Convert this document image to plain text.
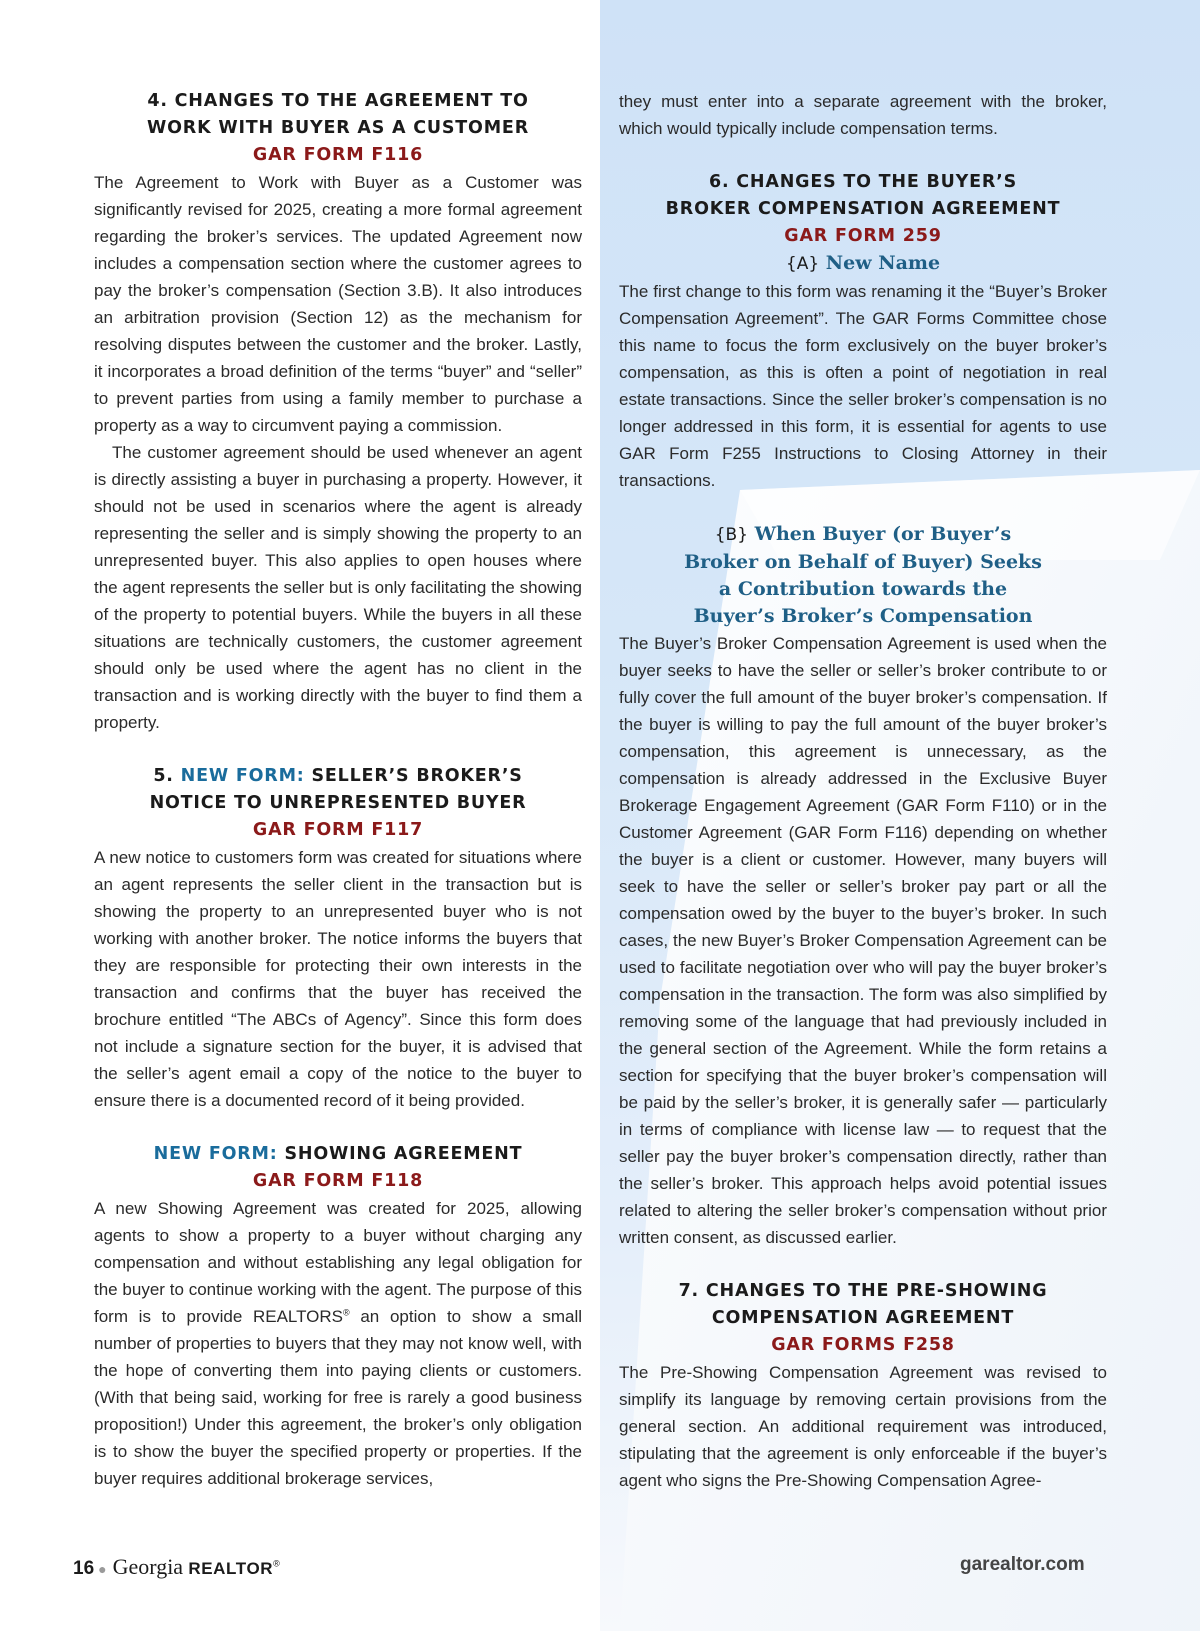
4. CHANGES TO THE AGREEMENT TO
WORK WITH BUYER AS A CUSTOMER
GAR FORM F116

The Agreement to Work with Buyer as a Customer was significantly revised for 2025, creating a more formal agreement regarding the broker’s services. The updated Agreement now includes a compensation section where the customer agrees to pay the broker’s compensation (Section 3.B). It also introduces an arbitration provision (Section 12) as the mechanism for resolving disputes between the customer and the broker. Lastly, it incorporates a broad definition of the terms “buyer” and “seller” to prevent parties from using a family member to purchase a property as a way to circumvent paying a commission.

The customer agreement should be used whenever an agent is directly assisting a buyer in purchasing a property. However, it should not be used in scenarios where the agent is already representing the seller and is simply showing the property to an unrepresented buyer. This also applies to open houses where the agent represents the seller but is only facilitating the showing of the property to potential buyers. While the buyers in all these situations are technically customers, the customer agreement should only be used where the agent has no client in the transaction and is working directly with the buyer to find them a property.

5. NEW FORM: SELLER’S BROKER’S
NOTICE TO UNREPRESENTED BUYER
GAR FORM F117

A new notice to customers form was created for situations where an agent represents the seller client in the transaction but is showing the property to an unrepresented buyer who is not working with another broker. The notice informs the buyers that they are responsible for protecting their own interests in the transaction and confirms that the buyer has received the brochure entitled “The ABCs of Agency”. Since this form does not include a signature section for the buyer, it is advised that the seller’s agent email a copy of the notice to the buyer to ensure there is a documented record of it being provided.

NEW FORM: SHOWING AGREEMENT
GAR FORM F118

A new Showing Agreement was created for 2025, allowing agents to show a property to a buyer without charging any compensation and without establishing any legal obligation for the buyer to continue working with the agent. The purpose of this form is to provide REALTORS® an option to show a small number of properties to buyers that they may not know well, with the hope of converting them into paying clients or customers. (With that being said, working for free is rarely a good business proposition!) Under this agreement, the broker’s only obligation is to show the buyer the specified property or properties. If the buyer requires additional brokerage services,

they must enter into a separate agreement with the broker, which would typically include compensation terms.

6. CHANGES TO THE BUYER’S
BROKER COMPENSATION AGREEMENT
GAR FORM 259
{A} New Name

The first change to this form was renaming it the “Buyer’s Broker Compensation Agreement”. The GAR Forms Committee chose this name to focus the form exclusively on the buyer broker’s compensation, as this is often a point of negotiation in real estate transactions. Since the seller broker’s compensation is no longer addressed in this form, it is essential for agents to use GAR Form F255 Instructions to Closing Attorney in their transactions.

{B} When Buyer (or Buyer’s
Broker on Behalf of Buyer) Seeks
a Contribution towards the
Buyer’s Broker’s Compensation

The Buyer’s Broker Compensation Agreement is used when the buyer seeks to have the seller or seller’s broker contribute to or fully cover the full amount of the buyer broker’s compensation. If the buyer is willing to pay the full amount of the buyer broker’s compensation, this agreement is unnecessary, as the compensation is already addressed in the Exclusive Buyer Brokerage Engagement Agreement (GAR Form F110) or in the Customer Agreement (GAR Form F116) depending on whether the buyer is a client or customer. However, many buyers will seek to have the seller or seller’s broker pay part or all the compensation owed by the buyer to the buyer’s broker. In such cases, the new Buyer’s Broker Compensation Agreement can be used to facilitate negotiation over who will pay the buyer broker’s compensation in the transaction. The form was also simplified by removing some of the language that had previously included in the general section of the Agreement. While the form retains a section for specifying that the buyer broker’s compensation will be paid by the seller’s broker, it is generally safer — particularly in terms of compliance with license law — to request that the seller pay the buyer broker’s compensation directly, rather than the seller’s broker. This approach helps avoid potential issues related to altering the seller broker’s compensation without prior written consent, as discussed earlier.

7. CHANGES TO THE PRE-SHOWING
COMPENSATION AGREEMENT
GAR FORMS F258

The Pre-Showing Compensation Agreement was revised to simplify its language by removing certain provisions from the general section. An additional requirement was introduced, stipulating that the agreement is only enforceable if the buyer’s agent who signs the Pre-Showing Compensation Agree-

16 ● Georgia REALTOR®	garealtor.com
